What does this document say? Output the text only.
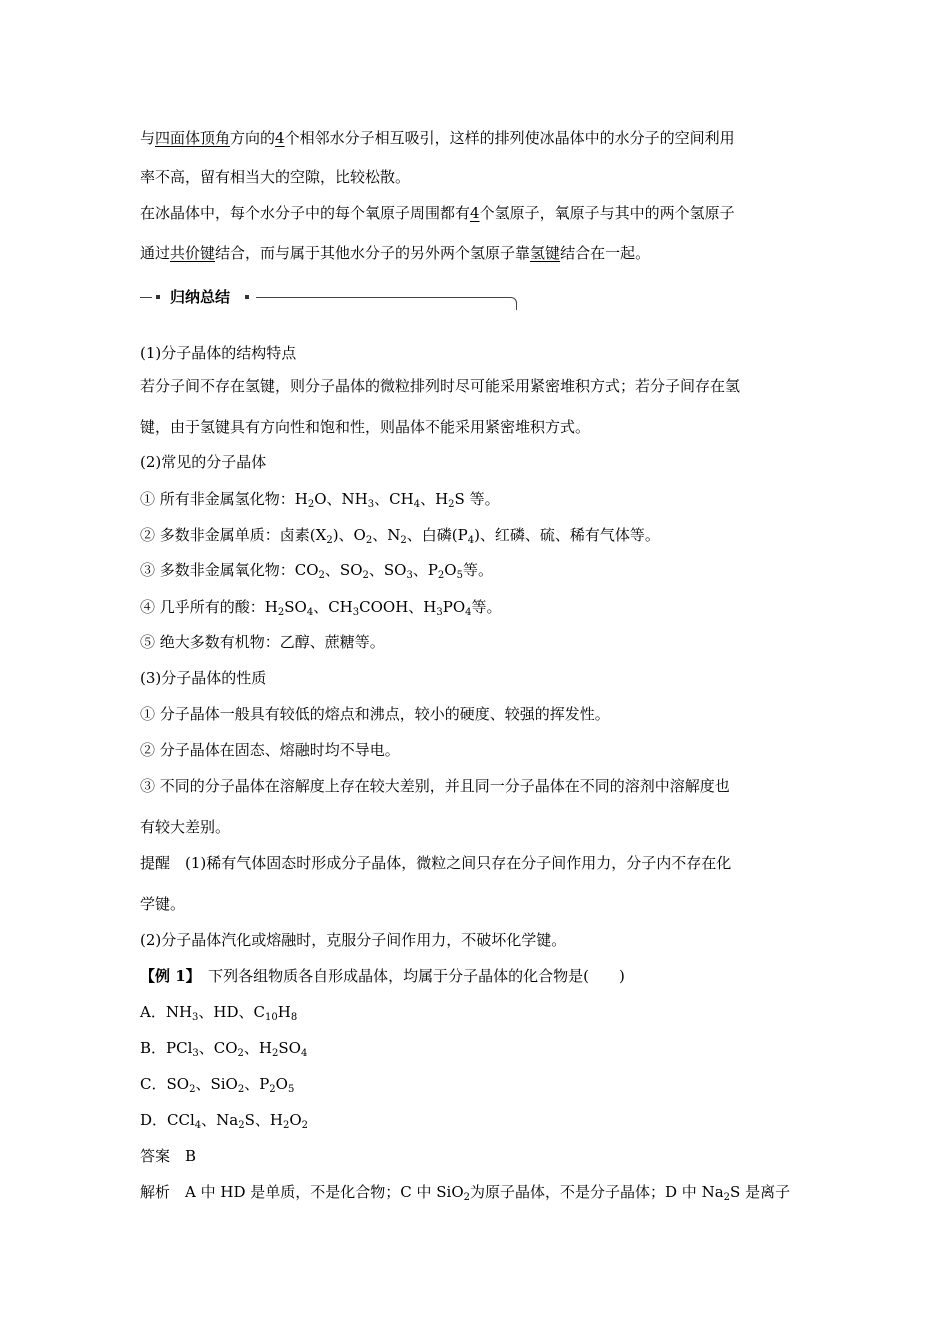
与四面体顶角方向的4个相邻水分子相互吸引，这样的排列使冰晶体中的水分子的空间利用
率不高，留有相当大的空隙，比较松散。
在冰晶体中，每个水分子中的每个氧原子周围都有4个氢原子，氧原子与其中的两个氢原子
通过共价键结合，而与属于其他水分子的另外两个氢原子靠氢键结合在一起。
归纳总结
(1)分子晶体的结构特点
若分子间不存在氢键，则分子晶体的微粒排列时尽可能采用紧密堆积方式；若分子间存在氢
键，由于氢键具有方向性和饱和性，则晶体不能采用紧密堆积方式。
(2)常见的分子晶体
① 所有非金属氢化物：$H_2O$、$NH_3$、$CH_4$、$H_2S$ 等。
② 多数非金属单质：卤素$(X_2)$、$O_2$、$N_2$、白磷$(P_4)$、红磷、硫、稀有气体等。
③ 多数非金属氧化物：$CO_2$、$SO_2$、$SO_3$、$P_2O_5$等。
④ 几乎所有的酸：$H_2SO_4$、$CH_3COOH$、$H_3PO_4$等。
⑤ 绝大多数有机物：乙醇、蔗糖等。
(3)分子晶体的性质
① 分子晶体一般具有较低的熔点和沸点，较小的硬度、较强的挥发性。
② 分子晶体在固态、熔融时均不导电。
③ 不同的分子晶体在溶解度上存在较大差别，并且同一分子晶体在不同的溶剂中溶解度也
有较大差别。
提醒　(1)稀有气体固态时形成分子晶体，微粒之间只存在分子间作用力，分子内不存在化
学键。
(2)分子晶体汽化或熔融时，克服分子间作用力，不破坏化学键。
【例 1】　下列各组物质各自形成晶体，均属于分子晶体的化合物是(　　)
A．$NH_3$、HD、$C_{10}H_8$
B．PCl$_3$、$CO_2$、$H_2SO_4$
C．$SO_2$、SiO$_2$、$P_2O_5$
D．CCl$_4$、$Na_2S$、$H_2O_2$
答案　B
解析　A 中 HD 是单质，不是化合物；C 中 SiO$_2$为原子晶体，不是分子晶体；D 中 $Na_2S$ 是离子
